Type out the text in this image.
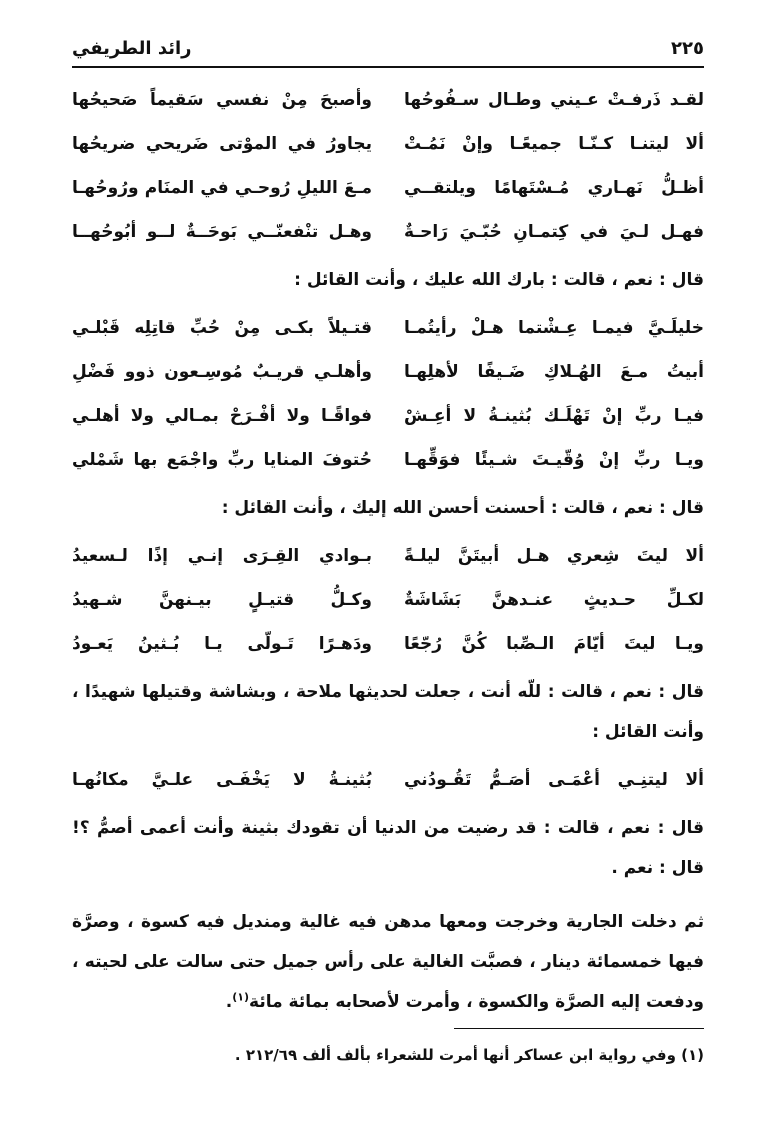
٢٢٥
رائد الطريفي
لقـد ذَرفـتْ عـيني وطـال سـفُوحُها
وأصبحَ مِنْ نفسي سَقيماً صَحيحُها
ألا ليتنـا كـنّـا جميعًـا وإنْ نَمُـتْ
يجاورُ في الموْتى ضَريحي ضريحُها
أظـلُّ نَهـاري مُـسْتَهامًا ويلتقــي
مـعَ الليلِ رُوحـي في المنَام ورُوحُهـا
فهـل لـيَ في كِتمـانِ حُبّـيَ رَاحـةٌ
وهـل تنْفعنّــي بَوحَــةٌ لــو أبُوحُهــا

قال : نعم ، قالت : بارك الله عليك ، وأنت القائل :

خليلَـيَّ فيمـا عِـشْتما هـلْ رأيتُمـا
قتـيلاً بكـى مِنْ حُبِّ قاتِلِه قَبْلـي
أبيتُ مـعَ الهُـلاكِ ضَـيفًا لأهلِهـا
وأهلـي قريـبٌ مُوسِـعون ذوو فَضْلِ
فيـا ربِّ إنْ تَهْلَـك بُثينـةُ لا أعِـشْ
فواقًـا ولا أفْـرَحْ بمـالي ولا أهلـي
ويـا ربِّ إنْ وُقّيـتَ شـيئًا فوَقِّهـا
حُتوفَ المنايا ربِّ واجْمَع بها شَمْلي

قال : نعم ، قالت : أحسنت أحسن الله إليك ، وأنت القائل :

ألا ليتَ شِعري هـل أبيتَنَّ ليلـةً
بـوادي القِـرَى إنـي إذًا لـسعيدُ
لكـلِّ حـديثٍ عنـدهنَّ بَشَاشَةٌ
وكـلُّ قتيـلٍ بيـنهنَّ شـهيدُ
ويـا ليتَ أيّامَ الـصِّبا كُنَّ رُجّعًا
ودَهـرًا تَـولّى يـا بُـثينُ يَعـودُ

قال : نعم ، قالت : للّه أنت ، جعلت لحديثها ملاحة ، وبشاشة وقتيلها شهيدًا ، وأنت القائل :

ألا ليتنِـي أعْمَـى أصَـمُّ تَقُـودُني
بُثينـةُ لا يَخْفَـى علـيَّ مكانُهـا

قال : نعم ، قالت : قد رضيت من الدنيا أن تقودك بثينة وأنت أعمى أصمُّ ؟! قال : نعم .

ثم دخلت الجارية وخرجت ومعها مدهن فيه غالية ومنديل فيه كسوة ، وصرَّة فيها خمسمائة دينار ، فصبَّت الغالية على رأس جميل حتى سالت على لحيته ، ودفعت إليه الصرَّة والكسوة ، وأمرت لأصحابه بمائة مائة$^{(١)}$.

(١) وفي رواية ابن عساكر أنها أمرت للشعراء بألف ألف ٢١٢/٦٩ .
